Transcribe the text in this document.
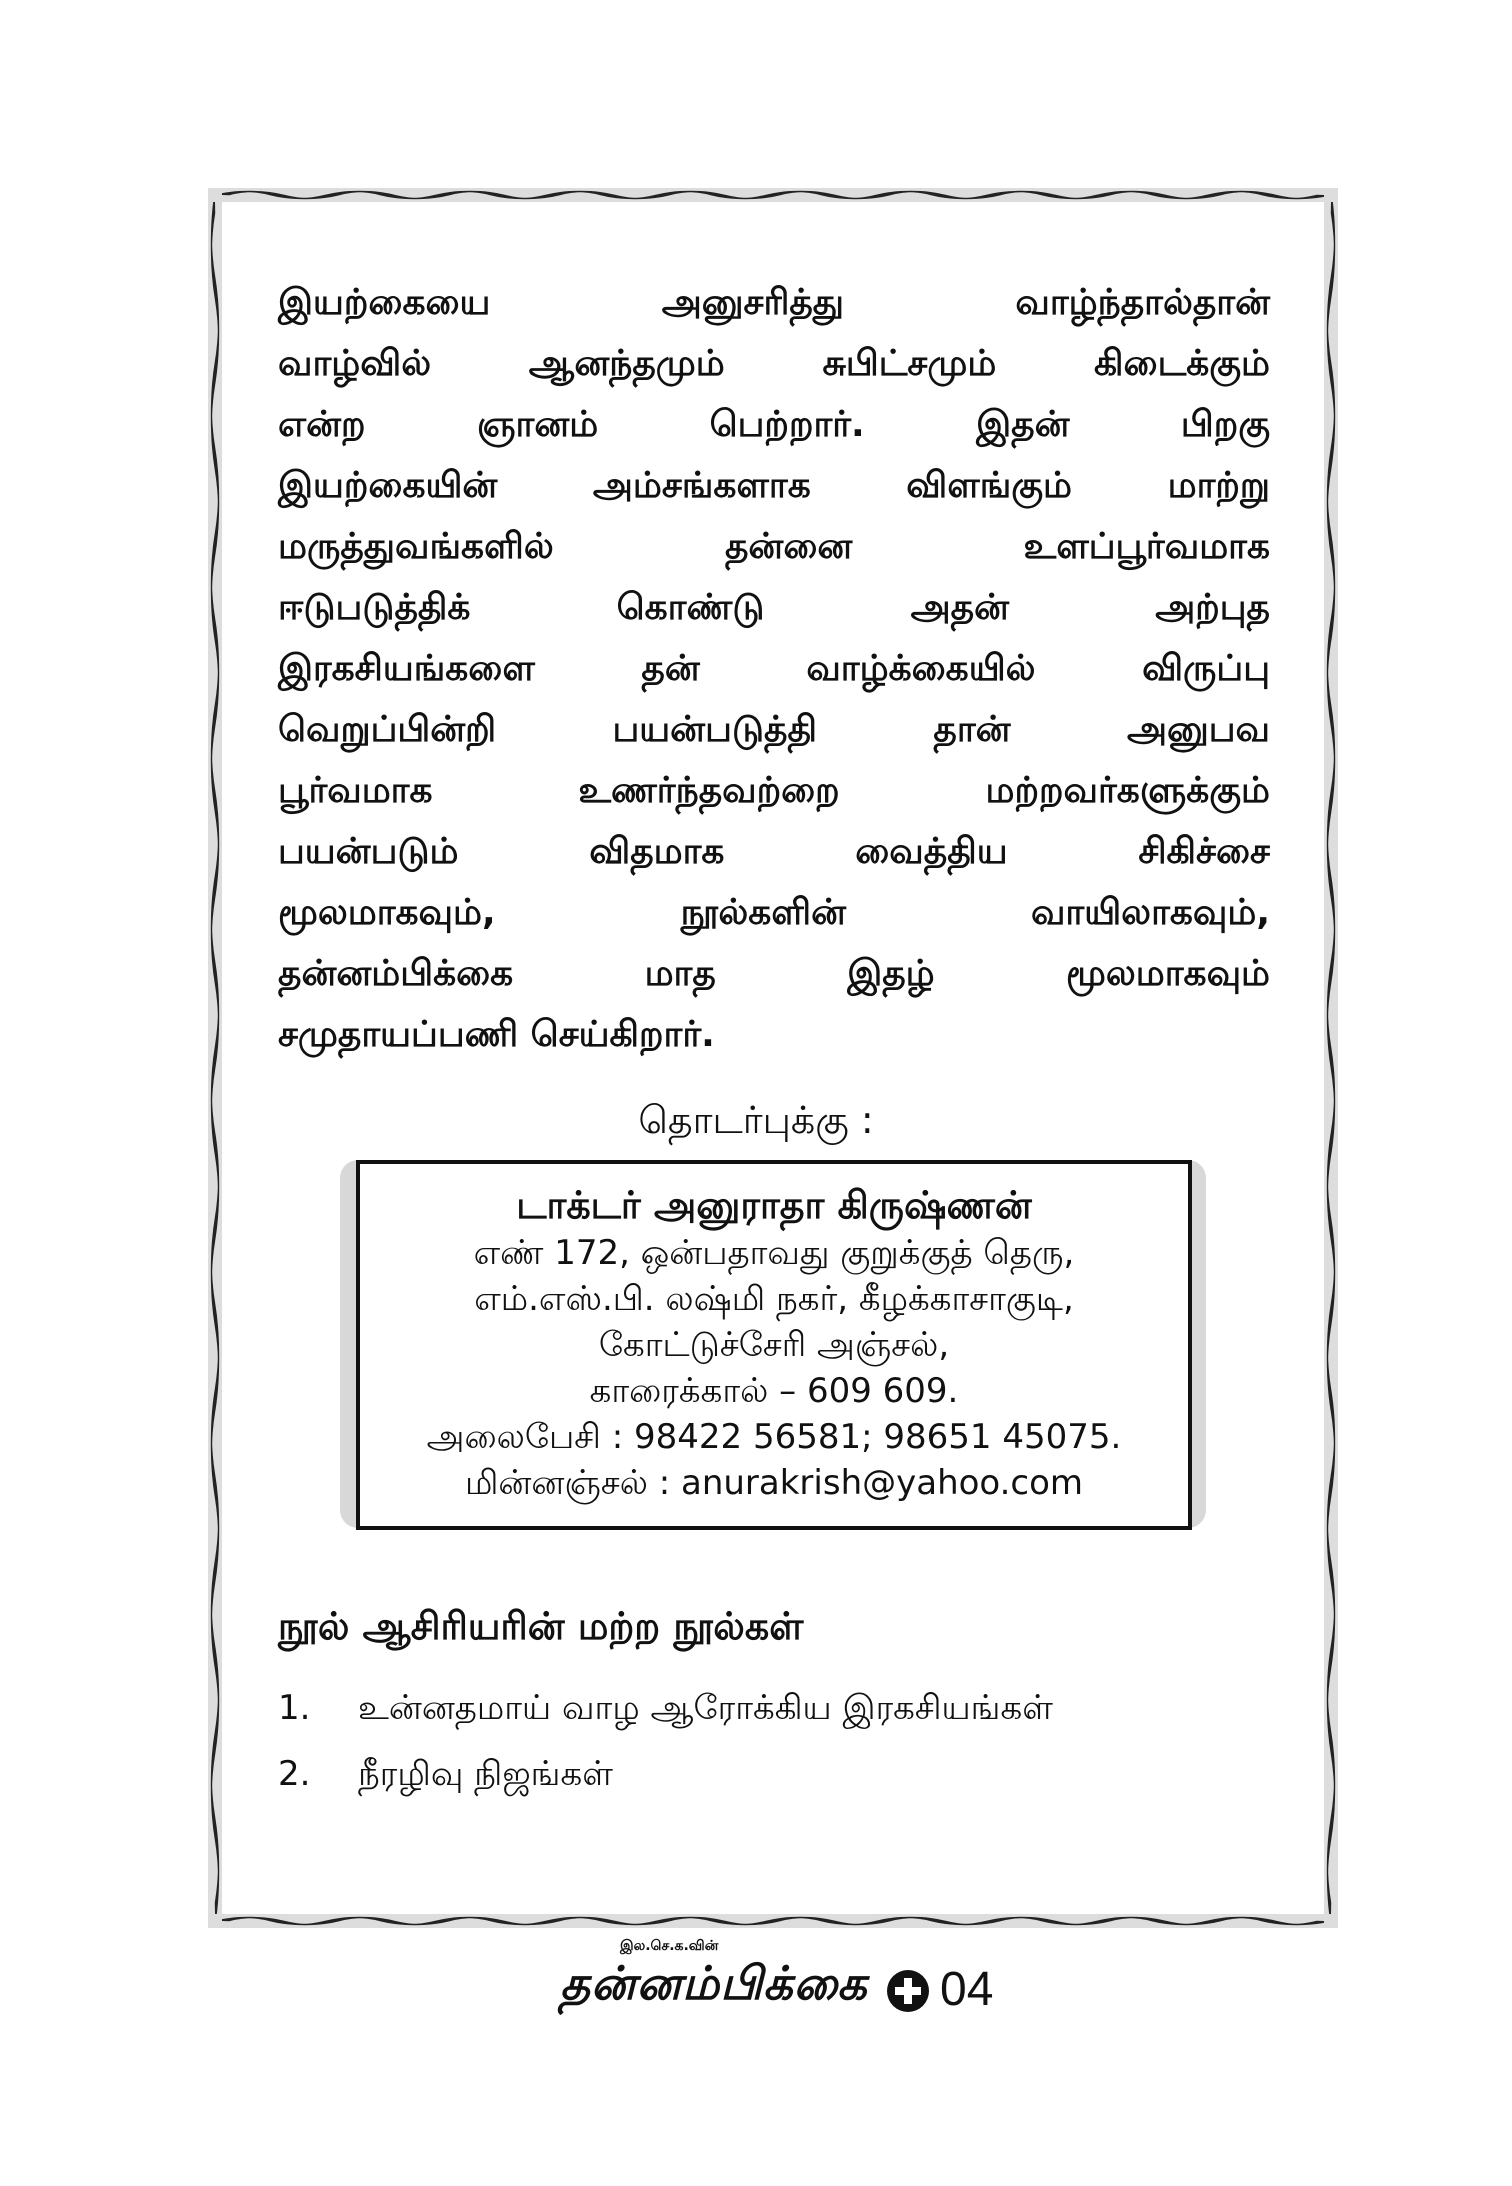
இயற்கையை அனுசரித்து வாழ்ந்தால்தான்
வாழ்வில் ஆனந்தமும் சுபிட்சமும் கிடைக்கும்
என்ற ஞானம் பெற்றார். இதன் பிறகு
இயற்கையின் அம்சங்களாக விளங்கும் மாற்று
மருத்துவங்களில் தன்னை உளப்பூர்வமாக
ஈடுபடுத்திக் கொண்டு அதன் அற்புத
இரகசியங்களை தன் வாழ்க்கையில் விருப்பு
வெறுப்பின்றி பயன்படுத்தி தான் அனுபவ
பூர்வமாக உணர்ந்தவற்றை மற்றவர்களுக்கும்
பயன்படும் விதமாக வைத்திய சிகிச்சை
மூலமாகவும், நூல்களின் வாயிலாகவும்,
தன்னம்பிக்கை மாத இதழ் மூலமாகவும்
சமுதாயப்பணி செய்கிறார்.
தொடர்புக்கு :
டாக்டர் அனுராதா கிருஷ்ணன்
எண் 172, ஒன்பதாவது குறுக்குத் தெரு,
எம்.எஸ்.பி. லஷ்மி நகர், கீழக்காசாகுடி,
கோட்டுச்சேரி அஞ்சல்,
காரைக்கால் – 609 609.
அலைபேசி : 98422 56581; 98651 45075.
மின்னஞ்சல் : anurakrish@yahoo.com
நூல் ஆசிரியரின் மற்ற நூல்கள்
1.	உன்னதமாய் வாழ ஆரோக்கிய இரகசியங்கள்
2.	நீரழிவு நிஜங்கள்
இல.செ.க.வின்
தன்னம்பிக்கை 04
